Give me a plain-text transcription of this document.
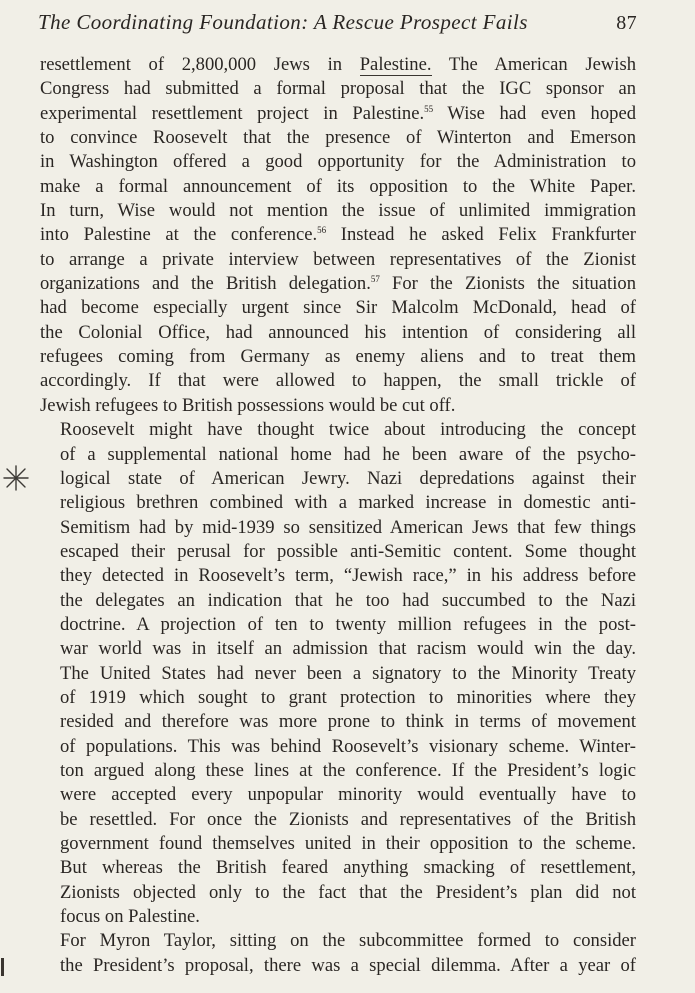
The Coordinating Foundation: A Rescue Prospect Fails	87

resettlement of 2,800,000 Jews in Palestine. The American Jewish
Congress had submitted a formal proposal that the IGC sponsor an
experimental resettlement project in Palestine.$^{55}$ Wise had even hoped
to convince Roosevelt that the presence of Winterton and Emerson
in Washington offered a good opportunity for the Administration to
make a formal announcement of its opposition to the White Paper.
In turn, Wise would not mention the issue of unlimited immigration
into Palestine at the conference.$^{56}$ Instead he asked Felix Frankfurter
to arrange a private interview between representatives of the Zionist
organizations and the British delegation.$^{57}$ For the Zionists the situation
had become especially urgent since Sir Malcolm McDonald, head of
the Colonial Office, had announced his intention of considering all
refugees coming from Germany as enemy aliens and to treat them
accordingly. If that were allowed to happen, the small trickle of
Jewish refugees to British possessions would be cut off.

Roosevelt might have thought twice about introducing the concept
of a supplemental national home had he been aware of the psycho-
logical state of American Jewry. Nazi depredations against their
religious brethren combined with a marked increase in domestic anti-
Semitism had by mid-1939 so sensitized American Jews that few things
escaped their perusal for possible anti-Semitic content. Some thought
they detected in Roosevelt’s term, “Jewish race,” in his address before
the delegates an indication that he too had succumbed to the Nazi
doctrine. A projection of ten to twenty million refugees in the post-
war world was in itself an admission that racism would win the day.
The United States had never been a signatory to the Minority Treaty
of 1919 which sought to grant protection to minorities where they
resided and therefore was more prone to think in terms of movement
of populations. This was behind Roosevelt’s visionary scheme. Winter-
ton argued along these lines at the conference. If the President’s logic
were accepted every unpopular minority would eventually have to
be resettled. For once the Zionists and representatives of the British
government found themselves united in their opposition to the scheme.
But whereas the British feared anything smacking of resettlement,
Zionists objected only to the fact that the President’s plan did not
focus on Palestine.

For Myron Taylor, sitting on the subcommittee formed to consider
the President’s proposal, there was a special dilemma. After a year of
